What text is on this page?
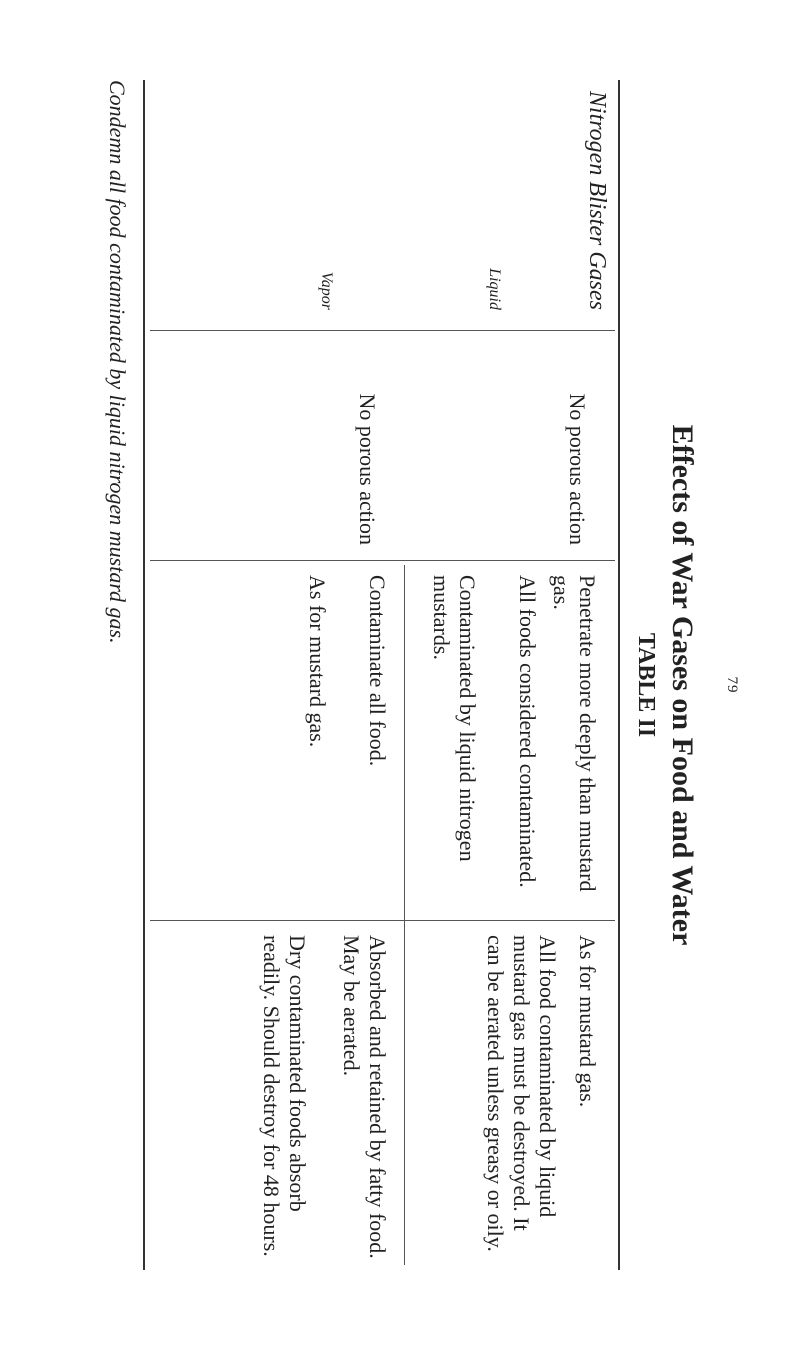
79
Effects of War Gases on Food and Water
TABLE II
Nitrogen Blister Gases
Liquid
Vapor
No porous action
No porous action
Penetrate more deeply than mustard gas.
All foods considered contaminated.
Contaminated by liquid nitrogen mustards.
Contaminate all food.
As for mustard gas.
As for mustard gas.
All food contaminated by liquid mustard gas must be destroyed. It can be aerated unless greasy or oily.
Absorbed and retained by fatty food. May be aerated.
Dry contaminated foods absorb readily. Should destroy for 48 hours.
Condemn all food contaminated by liquid nitrogen mustard gas.
